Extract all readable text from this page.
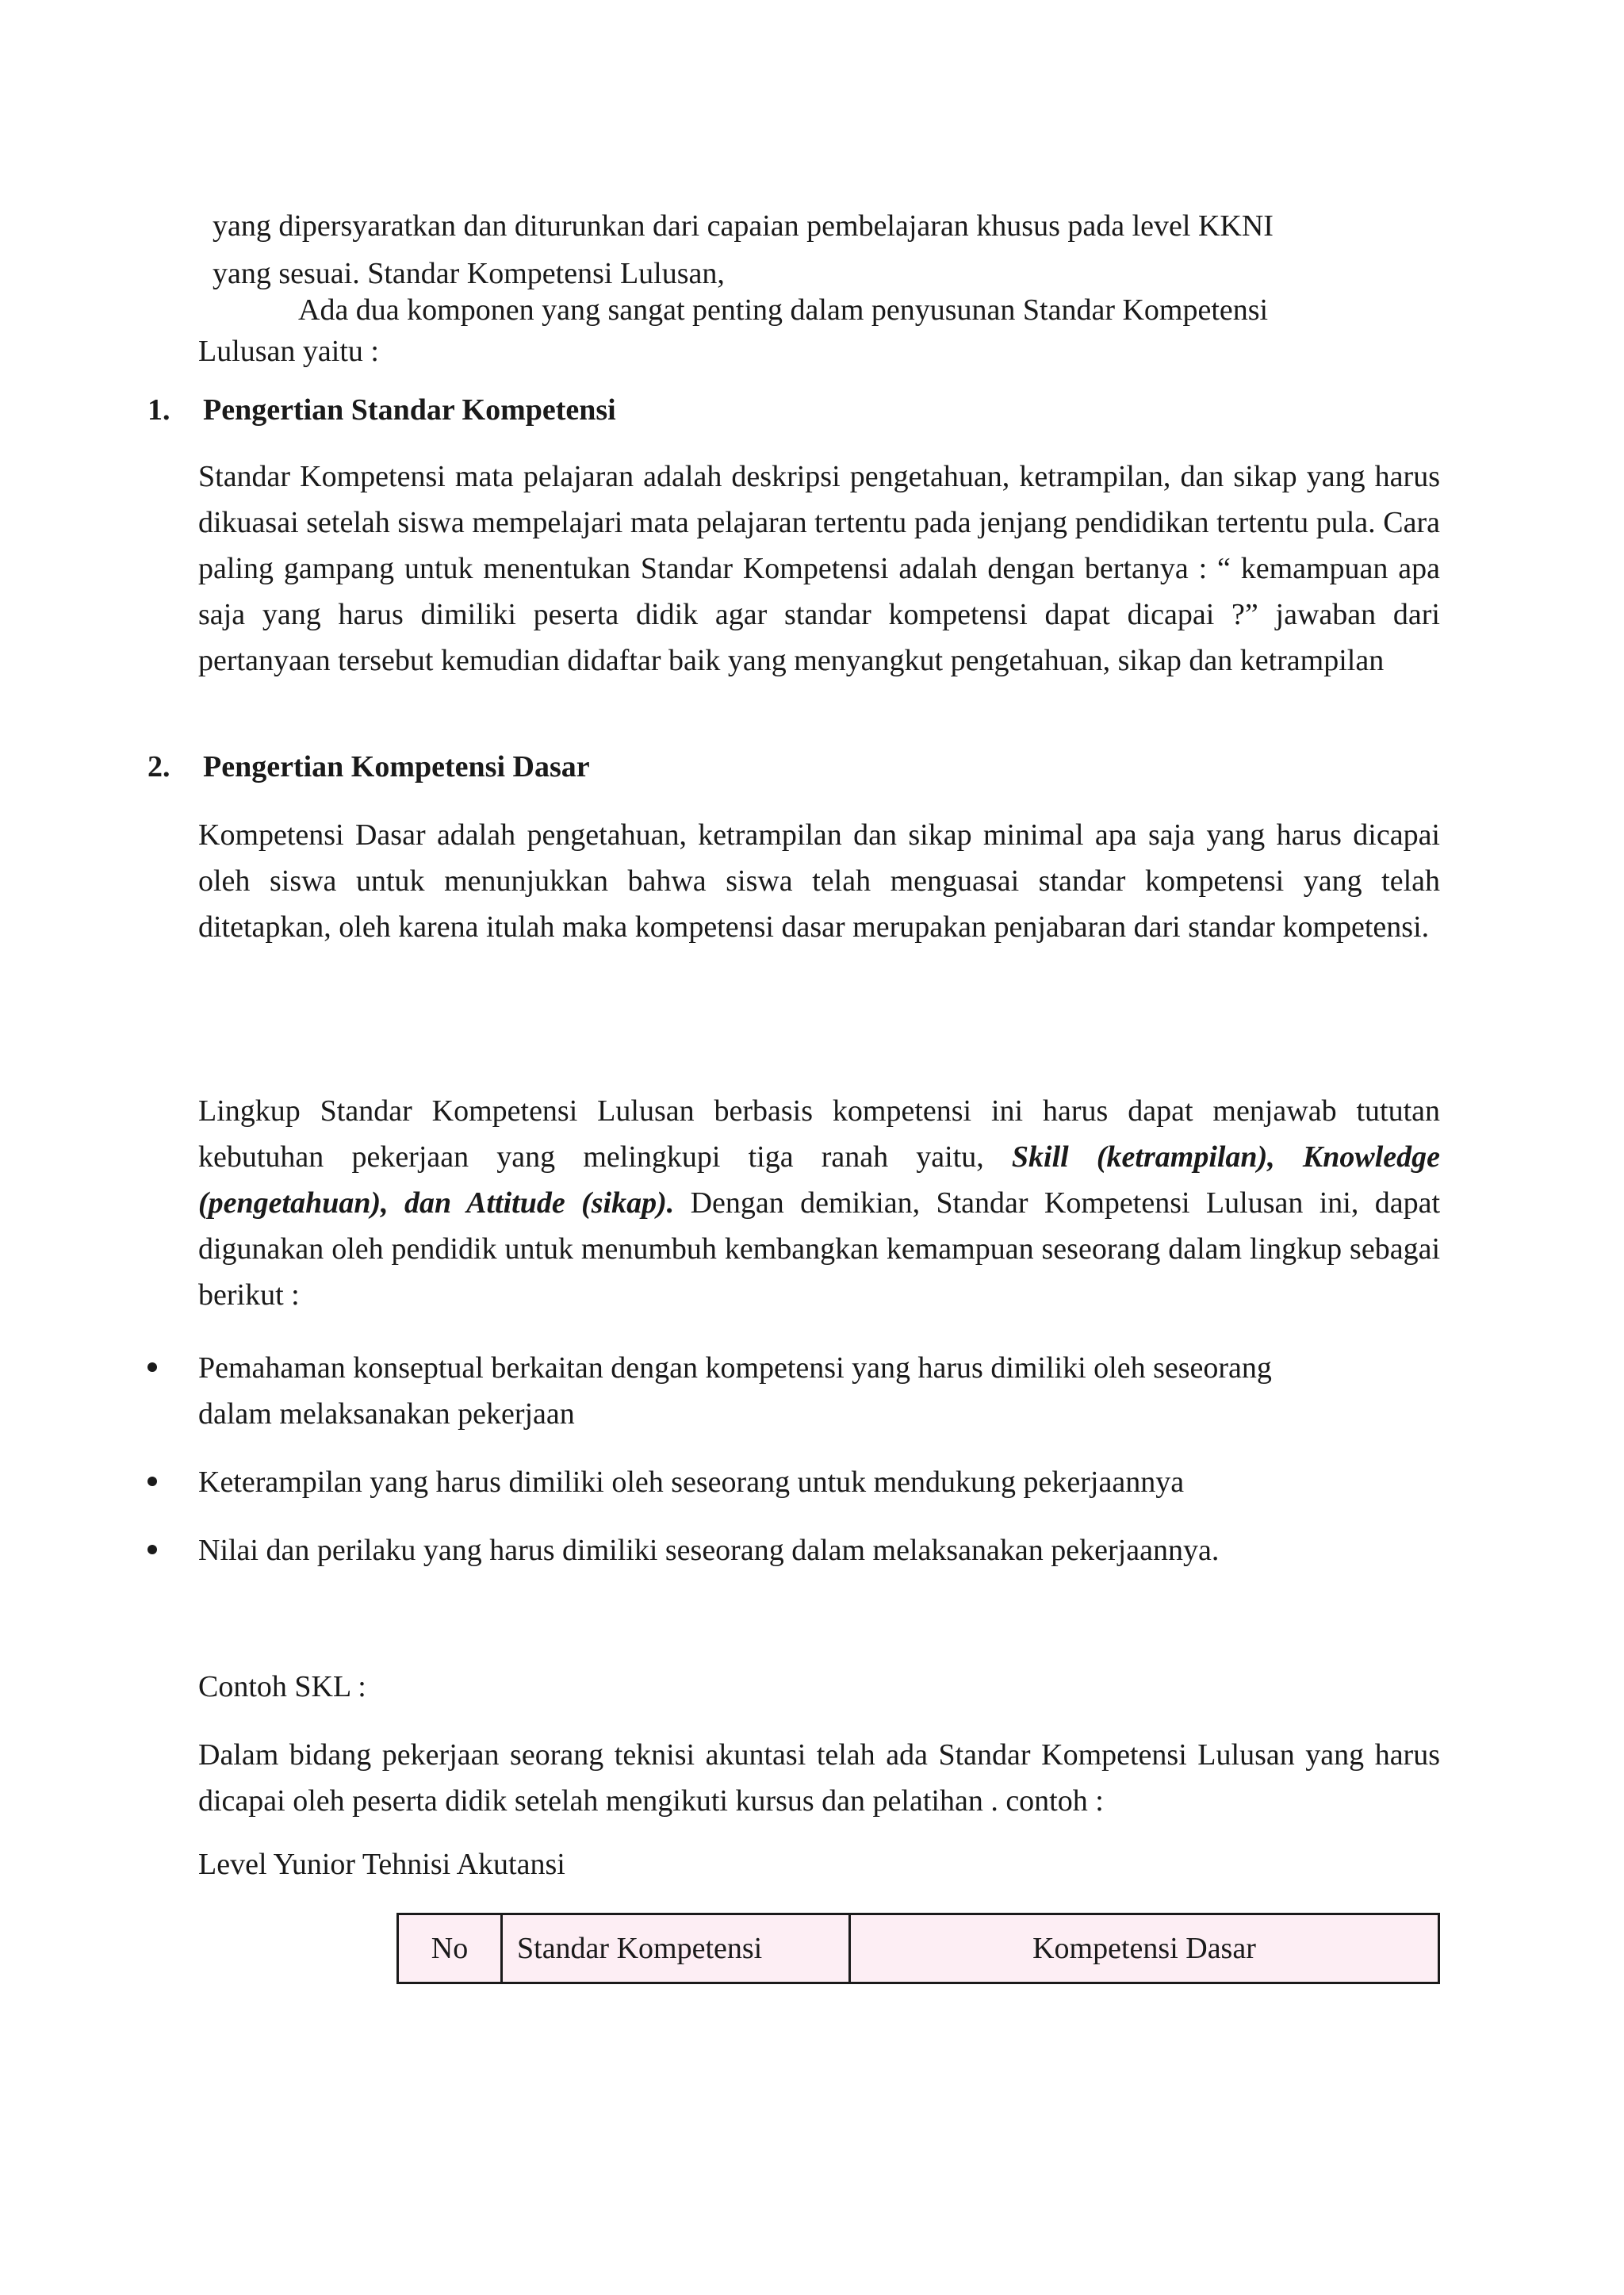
yang dipersyaratkan dan diturunkan dari capaian pembelajaran khusus pada level KKNI
yang sesuai. Standar Kompetensi Lulusan,
Ada dua komponen yang sangat penting dalam penyusunan Standar Kompetensi
Lulusan yaitu :
1. Pengertian Standar Kompetensi
Standar Kompetensi mata pelajaran adalah deskripsi pengetahuan, ketrampilan, dan sikap yang harus dikuasai setelah siswa mempelajari mata pelajaran tertentu pada jenjang pendidikan tertentu pula. Cara paling gampang untuk menentukan Standar Kompetensi adalah dengan bertanya : “ kemampuan apa saja yang harus dimiliki peserta didik agar standar kompetensi dapat dicapai ?” jawaban dari pertanyaan tersebut kemudian didaftar baik yang menyangkut pengetahuan, sikap dan ketrampilan
2. Pengertian Kompetensi Dasar
Kompetensi Dasar adalah pengetahuan, ketrampilan dan sikap minimal apa saja yang harus dicapai oleh siswa untuk menunjukkan bahwa siswa telah menguasai standar kompetensi yang telah ditetapkan, oleh karena itulah maka kompetensi dasar merupakan penjabaran dari standar kompetensi.
Lingkup Standar Kompetensi Lulusan berbasis kompetensi ini harus dapat menjawab tututan kebutuhan pekerjaan yang melingkupi tiga ranah yaitu, Skill (ketrampilan), Knowledge (pengetahuan), dan Attitude (sikap). Dengan demikian, Standar Kompetensi Lulusan ini, dapat digunakan oleh pendidik untuk menumbuh kembangkan kemampuan seseorang dalam lingkup sebagai berikut :
Pemahaman konseptual berkaitan dengan kompetensi yang harus dimiliki oleh seseorang
dalam melaksanakan pekerjaan
Keterampilan yang harus dimiliki oleh seseorang untuk mendukung pekerjaannya
Nilai dan perilaku yang harus dimiliki seseorang dalam melaksanakan pekerjaannya.
Contoh SKL :
Dalam bidang pekerjaan seorang teknisi akuntasi telah ada Standar Kompetensi Lulusan yang harus dicapai oleh peserta didik setelah mengikuti kursus dan pelatihan . contoh :
Level Yunior Tehnisi Akutansi
No	Standar Kompetensi	Kompetensi Dasar
